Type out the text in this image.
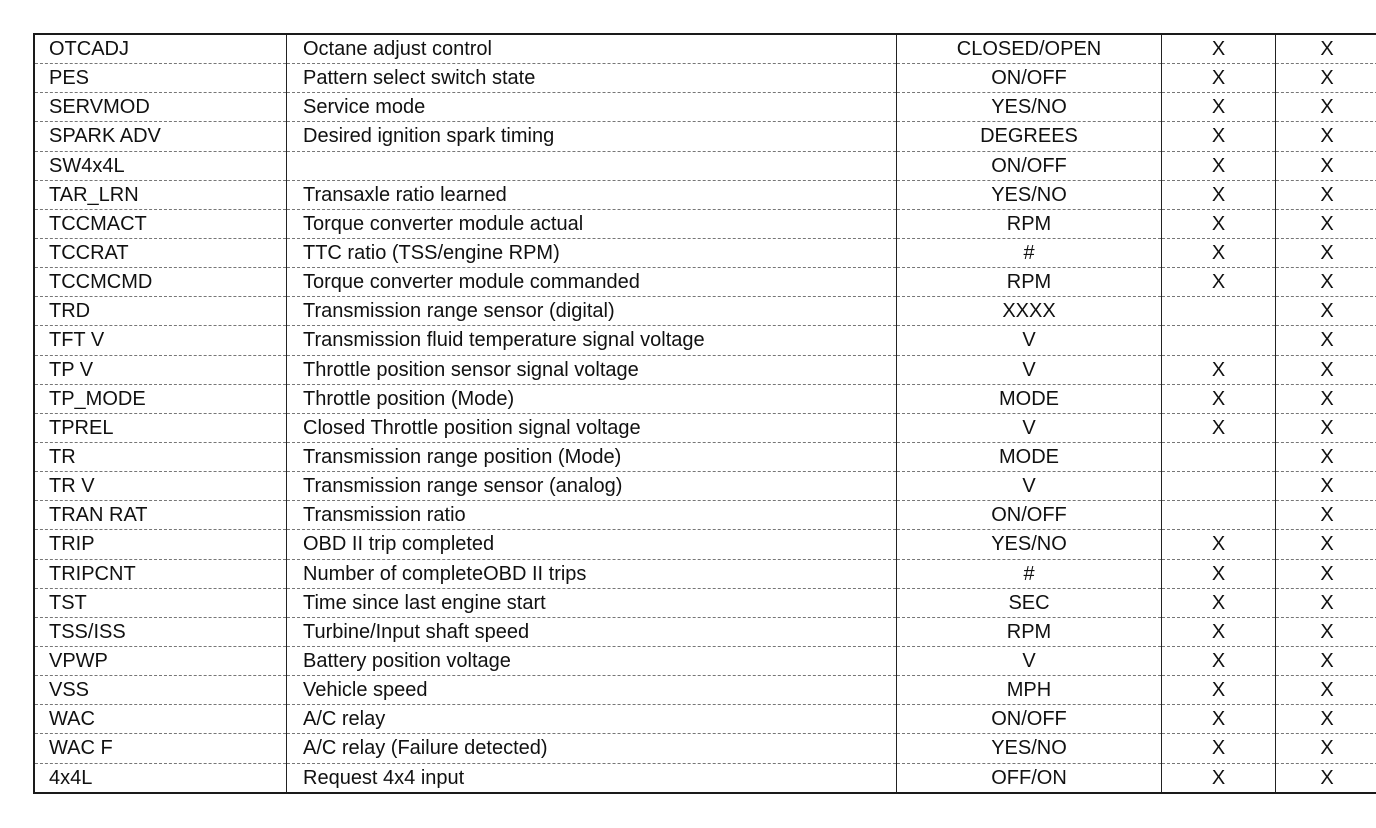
OTCADJ	Octane adjust control	CLOSED/OPEN	X	X
PES	Pattern select switch state	ON/OFF	X	X
SERVMOD	Service mode	YES/NO	X	X
SPARK ADV	Desired ignition spark timing	DEGREES	X	X
SW4x4L		ON/OFF	X	X
TAR_LRN	Transaxle ratio learned	YES/NO	X	X
TCCMACT	Torque converter module actual	RPM	X	X
TCCRAT	TTC ratio (TSS/engine RPM)	#	X	X
TCCMCMD	Torque converter module commanded	RPM	X	X
TRD	Transmission range sensor (digital)	XXXX		X
TFT V	Transmission fluid temperature signal voltage	V		X
TP V	Throttle position sensor signal voltage	V	X	X
TP_MODE	Throttle position (Mode)	MODE	X	X
TPREL	Closed Throttle position signal voltage	V	X	X
TR	Transmission range position (Mode)	MODE		X
TR V	Transmission range sensor (analog)	V		X
TRAN RAT	Transmission ratio	ON/OFF		X
TRIP	OBD II trip completed	YES/NO	X	X
TRIPCNT	Number of completeOBD II trips	#	X	X
TST	Time since last engine start	SEC	X	X
TSS/ISS	Turbine/Input shaft speed	RPM	X	X
VPWP	Battery position voltage	V	X	X
VSS	Vehicle speed	MPH	X	X
WAC	A/C relay	ON/OFF	X	X
WAC F	A/C relay (Failure detected)	YES/NO	X	X
4x4L	Request 4x4 input	OFF/ON	X	X
